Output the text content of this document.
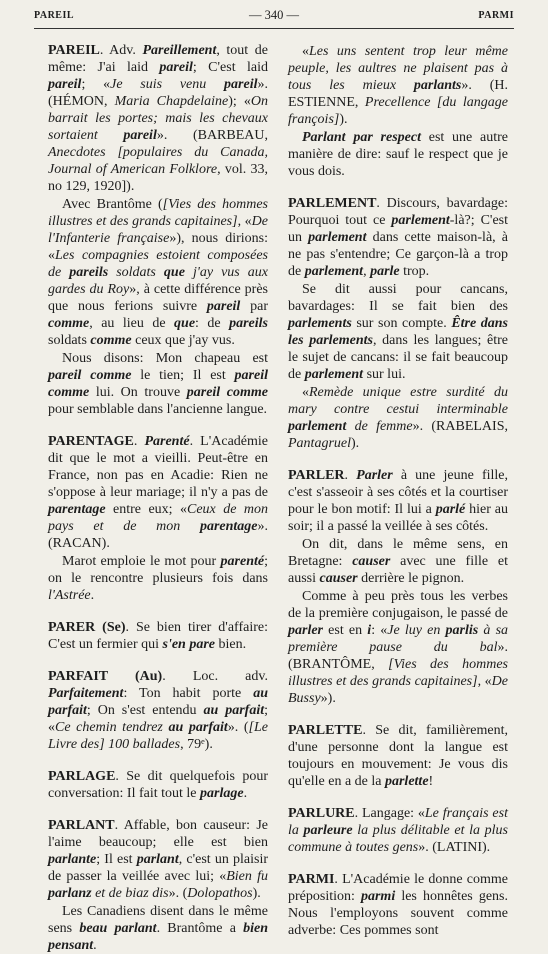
PAREIL	— 340 —	PARMI

PAREIL. Adv. Pareillement, tout de même: J'ai laid pareil; C'est laid pareil; «Je suis venu pareil». (HÉMON, Maria Chapdelaine); «On barrait les portes; mais les chevaux sortaient pareil». (BARBEAU, Anecdotes [populaires du Canada, Journal of American Folklore, vol. 33, no 129, 1920]).

Avec Brantôme ([Vies des hommes illustres et des grands capitaines], «De l'Infanterie française»), nous dirions: «Les compagnies estoient composées de pareils soldats que j'ay vus aux gardes du Roy», à cette différence près que nous ferions suivre pareil par comme, au lieu de que: de pareils soldats comme ceux que j'ay vus.

Nous disons: Mon chapeau est pareil comme le tien; Il est pareil comme lui. On trouve pareil comme pour semblable dans l'ancienne langue.

PARENTAGE. Parenté. L'Académie dit que le mot a vieilli. Peut-être en France, non pas en Acadie: Rien ne s'oppose à leur mariage; il n'y a pas de parentage entre eux; «Ceux de mon pays et de mon parentage». (RACAN).

Marot emploie le mot pour parenté; on le rencontre plusieurs fois dans l'Astrée.

PARER (Se). Se bien tirer d'affaire: C'est un fermier qui s'en pare bien.

PARFAIT (Au). Loc. adv. Parfaitement: Ton habit porte au parfait; On s'est entendu au parfait; «Ce chemin tendrez au parfait». ([Le Livre des] 100 ballades, 79ᵉ).

PARLAGE. Se dit quelquefois pour conversation: Il fait tout le parlage.

PARLANT. Affable, bon causeur: Je l'aime beaucoup; elle est bien parlante; Il est parlant, c'est un plaisir de passer la veillée avec lui; «Bien fu parlanz et de biaz dis». (Dolopathos).

Les Canadiens disent dans le même sens beau parlant. Brantôme a bien pensant.

«Les uns sentent trop leur même peuple, les aultres ne plaisent pas à tous les mieux parlants». (H. ESTIENNE, Precellence [du langage françois]).

Parlant par respect est une autre manière de dire: sauf le respect que je vous dois.

PARLEMENT. Discours, bavardage: Pourquoi tout ce parlement-là?; C'est un parlement dans cette maison-là, à ne pas s'entendre; Ce garçon-là a trop de parlement, parle trop.

Se dit aussi pour cancans, bavardages: Il se fait bien des parlements sur son compte. Être dans les parlements, dans les langues; être le sujet de cancans: il se fait beaucoup de parlement sur lui.

«Remède unique estre surdité du mary contre cestui interminable parlement de femme». (RABELAIS, Pantagruel).

PARLER. Parler à une jeune fille, c'est s'asseoir à ses côtés et la courtiser pour le bon motif: Il lui a parlé hier au soir; il a passé la veillée à ses côtés.

On dit, dans le même sens, en Bretagne: causer avec une fille et aussi causer derrière le pignon.

Comme à peu près tous les verbes de la première conjugaison, le passé de parler est en i: «Je luy en parlis à sa première pause du bal». (BRANTÔME, [Vies des hommes illustres et des grands capitaines], «De Bussy»).

PARLETTE. Se dit, familièrement, d'une personne dont la langue est toujours en mouvement: Je vous dis qu'elle en a de la parlette!

PARLURE. Langage: «Le français est la parleure la plus délitable et la plus commune à toutes gens». (LATINI).

PARMI. L'Académie le donne comme préposition: parmi les honnêtes gens. Nous l'employons souvent comme adverbe: Ces pommes sont
